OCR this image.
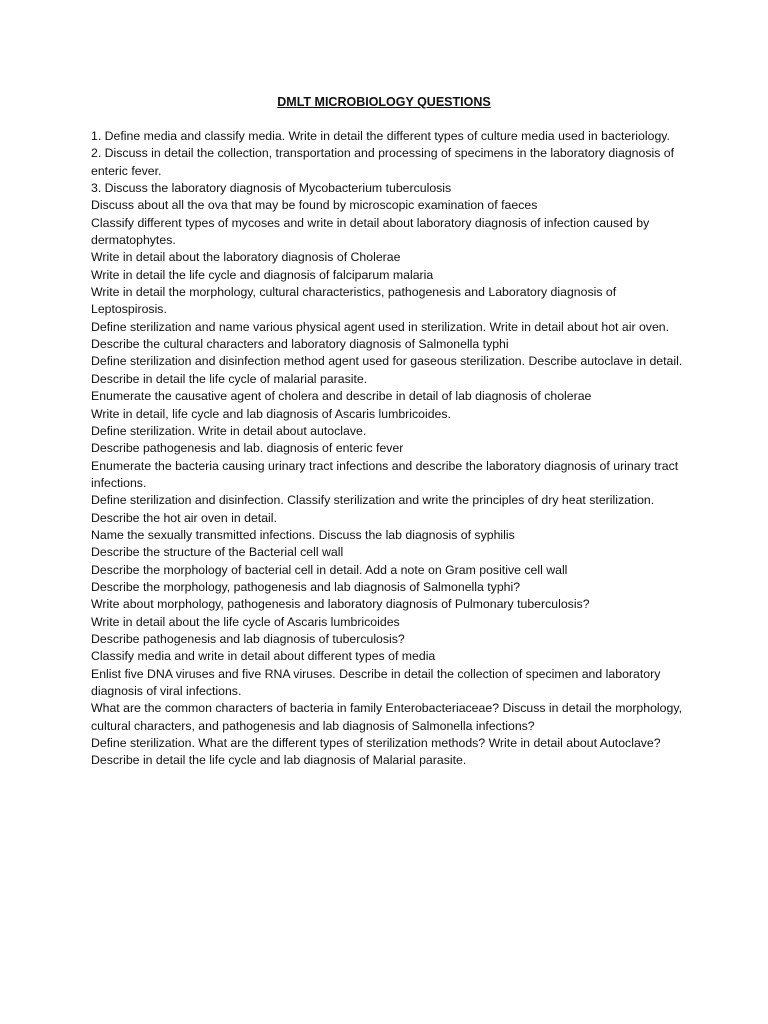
DMLT MICROBIOLOGY QUESTIONS
1. Define media and classify media. Write in detail the different types of culture media used in bacteriology.
2. Discuss in detail the collection, transportation and processing of specimens in the laboratory diagnosis of enteric fever.
3. Discuss the laboratory diagnosis of Mycobacterium tuberculosis
Discuss about all the ova that may be found by microscopic examination of faeces
Classify different types of mycoses and write in detail about laboratory diagnosis of infection caused by dermatophytes.
Write in detail about the laboratory diagnosis of Cholerae
Write in detail the life cycle and diagnosis of falciparum malaria
Write in detail the morphology, cultural characteristics, pathogenesis and Laboratory diagnosis of Leptospirosis.
Define sterilization and name various physical agent used in sterilization. Write in detail about hot air oven.
Describe the cultural characters and laboratory diagnosis of Salmonella typhi
Define sterilization and disinfection method agent used for gaseous sterilization. Describe autoclave in detail.
Describe in detail the life cycle of malarial parasite.
Enumerate the causative agent of cholera and describe in detail of lab diagnosis of cholerae
Write in detail, life cycle and lab diagnosis of Ascaris lumbricoides.
Define sterilization. Write in detail about autoclave.
Describe pathogenesis and lab. diagnosis of enteric fever
Enumerate the bacteria causing urinary tract infections and describe the laboratory diagnosis of urinary tract infections.
Define sterilization and disinfection. Classify sterilization and write the principles of dry heat sterilization. Describe the hot air oven in detail.
Name the sexually transmitted infections. Discuss the lab diagnosis of syphilis
Describe the structure of the Bacterial cell wall
Describe the morphology of bacterial cell in detail. Add a note on Gram positive cell wall
Describe the morphology, pathogenesis and lab diagnosis of Salmonella typhi?
Write about morphology, pathogenesis and laboratory diagnosis of Pulmonary tuberculosis?
Write in detail about the life cycle of Ascaris lumbricoides
Describe pathogenesis and lab diagnosis of tuberculosis?
Classify media and write in detail about different types of media
Enlist five DNA viruses and five RNA viruses. Describe in detail the collection of specimen and laboratory diagnosis of viral infections.
What are the common characters of bacteria in family Enterobacteriaceae? Discuss in detail the morphology, cultural characters, and pathogenesis and lab diagnosis of Salmonella infections?
Define sterilization. What are the different types of sterilization methods? Write in detail about Autoclave?
Describe in detail the life cycle and lab diagnosis of Malarial parasite.
